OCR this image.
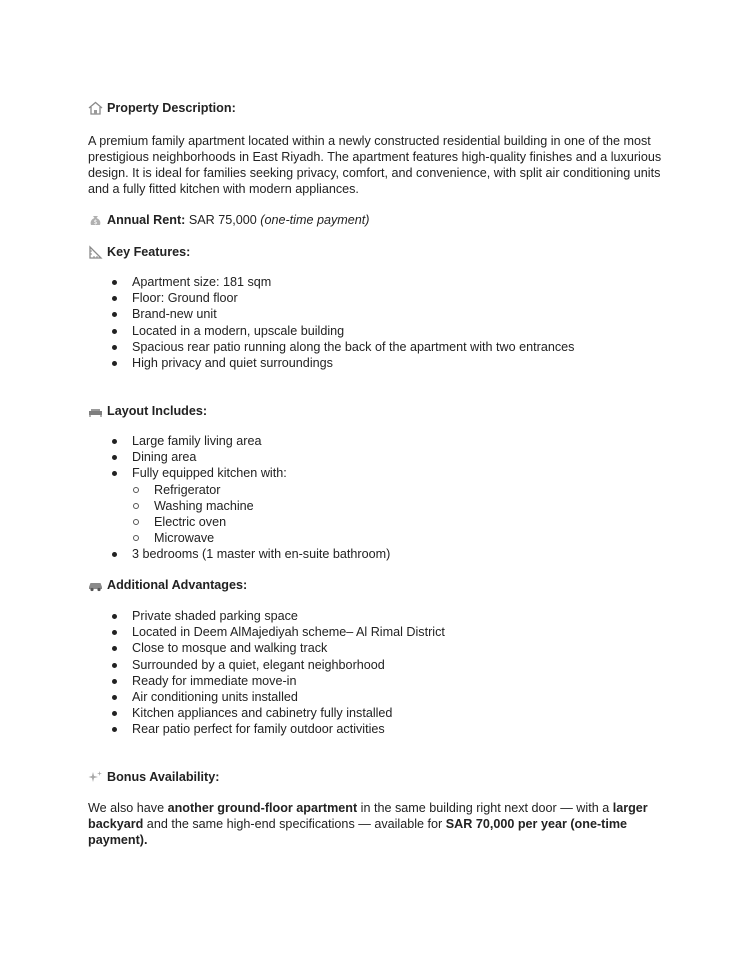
Property Description:
A premium family apartment located within a newly constructed residential building in one of the most
prestigious neighborhoods in East Riyadh. The apartment features high-quality finishes and a luxurious
design. It is ideal for families seeking privacy, comfort, and convenience, with split air conditioning units
and a fully fitted kitchen with modern appliances.
$ Annual Rent:
SAR 75,000
(one-time payment)
Key Features:
Apartment size: 181 sqm
Floor: Ground floor
Brand-new unit
Located in a modern, upscale building
Spacious rear patio running along the back of the apartment with two entrances
High privacy and quiet surroundings
Layout Includes:
Large family living area
Dining area
Fully equipped kitchen with:
Refrigerator
Washing machine
Electric oven
Microwave
3 bedrooms (1 master with en-suite bathroom)
Additional Advantages:
Private shaded parking space
Located in Deem AlMajediyah scheme– Al Rimal District
Close to mosque and walking track
Surrounded by a quiet, elegant neighborhood
Ready for immediate move-in
Air conditioning units installed
Kitchen appliances and cabinetry fully installed
Rear patio perfect for family outdoor activities
Bonus Availability:
We also have another ground-floor apartment in the same building right next door — with a larger
backyard and the same high-end specifications — available for SAR 70,000 per year (one-time
payment).
